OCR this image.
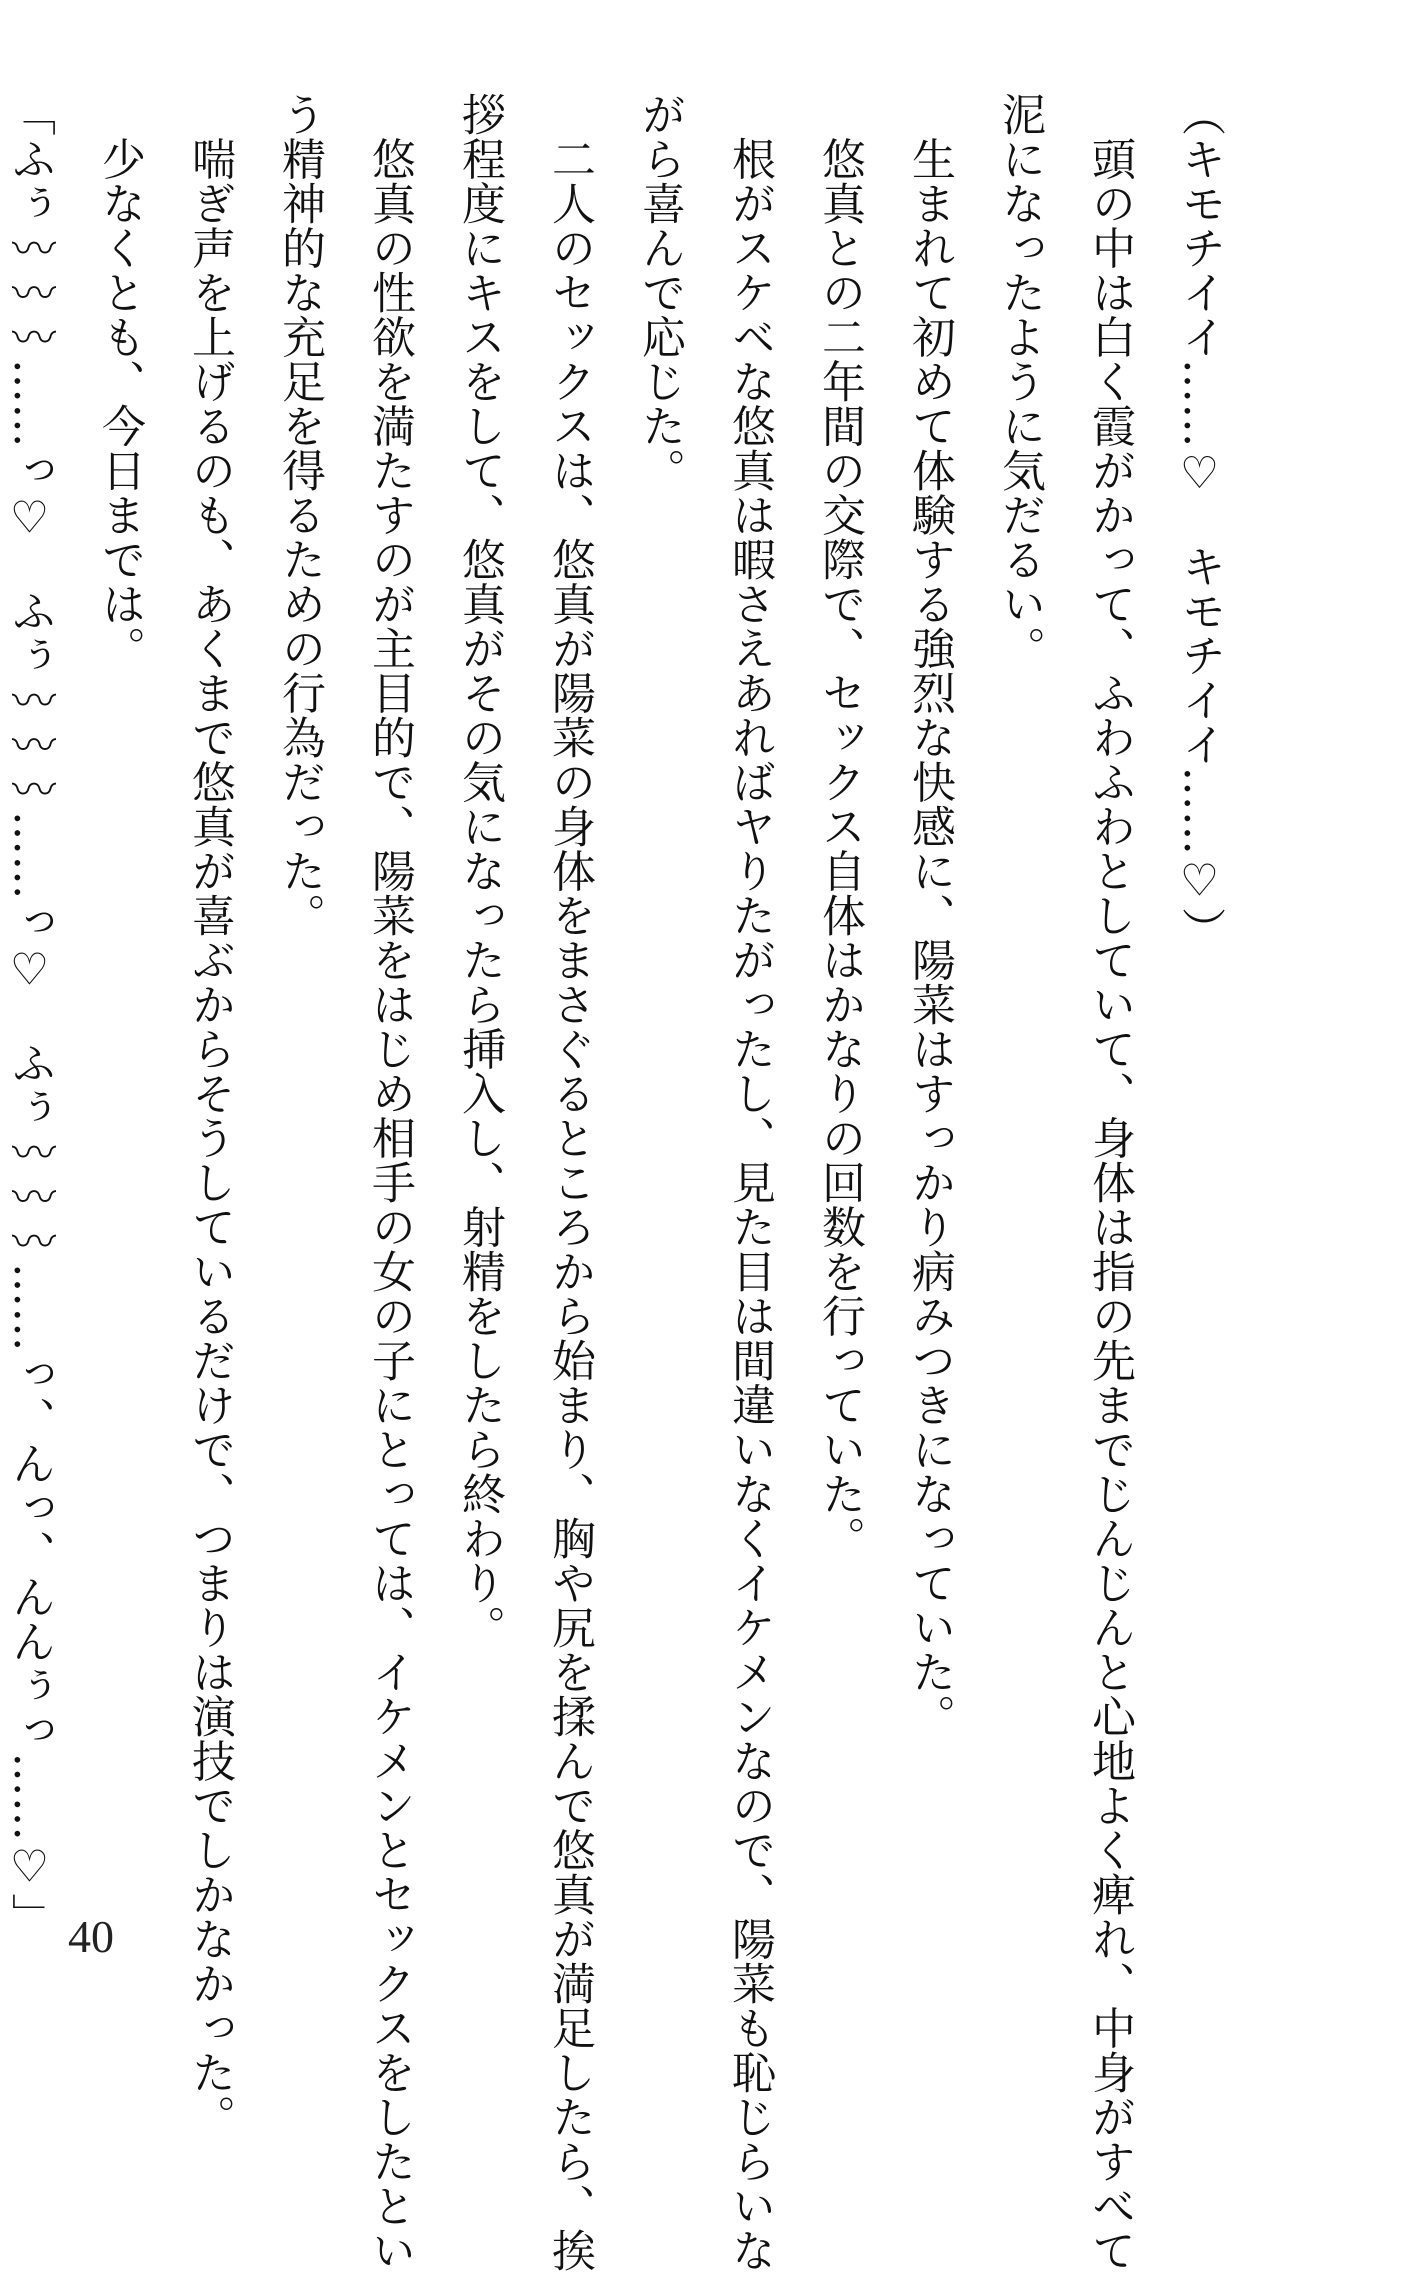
（キモチイイ……♡　キモチイイ……♡）
　頭の中は白く霞がかって、ふわふわとしていて、身体は指の先までじんじんと心地よく痺れ、中身がすべて
泥になったように気だるい。
　生まれて初めて体験する強烈な快感に、陽菜はすっかり病みつきになっていた。
　悠真との二年間の交際で、セックス自体はかなりの回数を行っていた。
　根がスケベな悠真は暇さえあればヤりたがったし、見た目は間違いなくイケメンなので、陽菜も恥じらいな
がら喜んで応じた。
　二人のセックスは、悠真が陽菜の身体をまさぐるところから始まり、胸や尻を揉んで悠真が満足したら、挨
拶程度にキスをして、悠真がその気になったら挿入し、射精をしたら終わり。
　悠真の性欲を満たすのが主目的で、陽菜をはじめ相手の女の子にとっては、イケメンとセックスをしたとい
う精神的な充足を得るための行為だった。
　喘ぎ声を上げるのも、あくまで悠真が喜ぶからそうしているだけで、つまりは演技でしかなかった。
　少なくとも、今日までは。
「ふぅ〰〰〰……っ♡　ふぅ〰〰〰……っ♡　ふぅ〰〰〰……っ、んっ、んんぅっ……♡」 40
